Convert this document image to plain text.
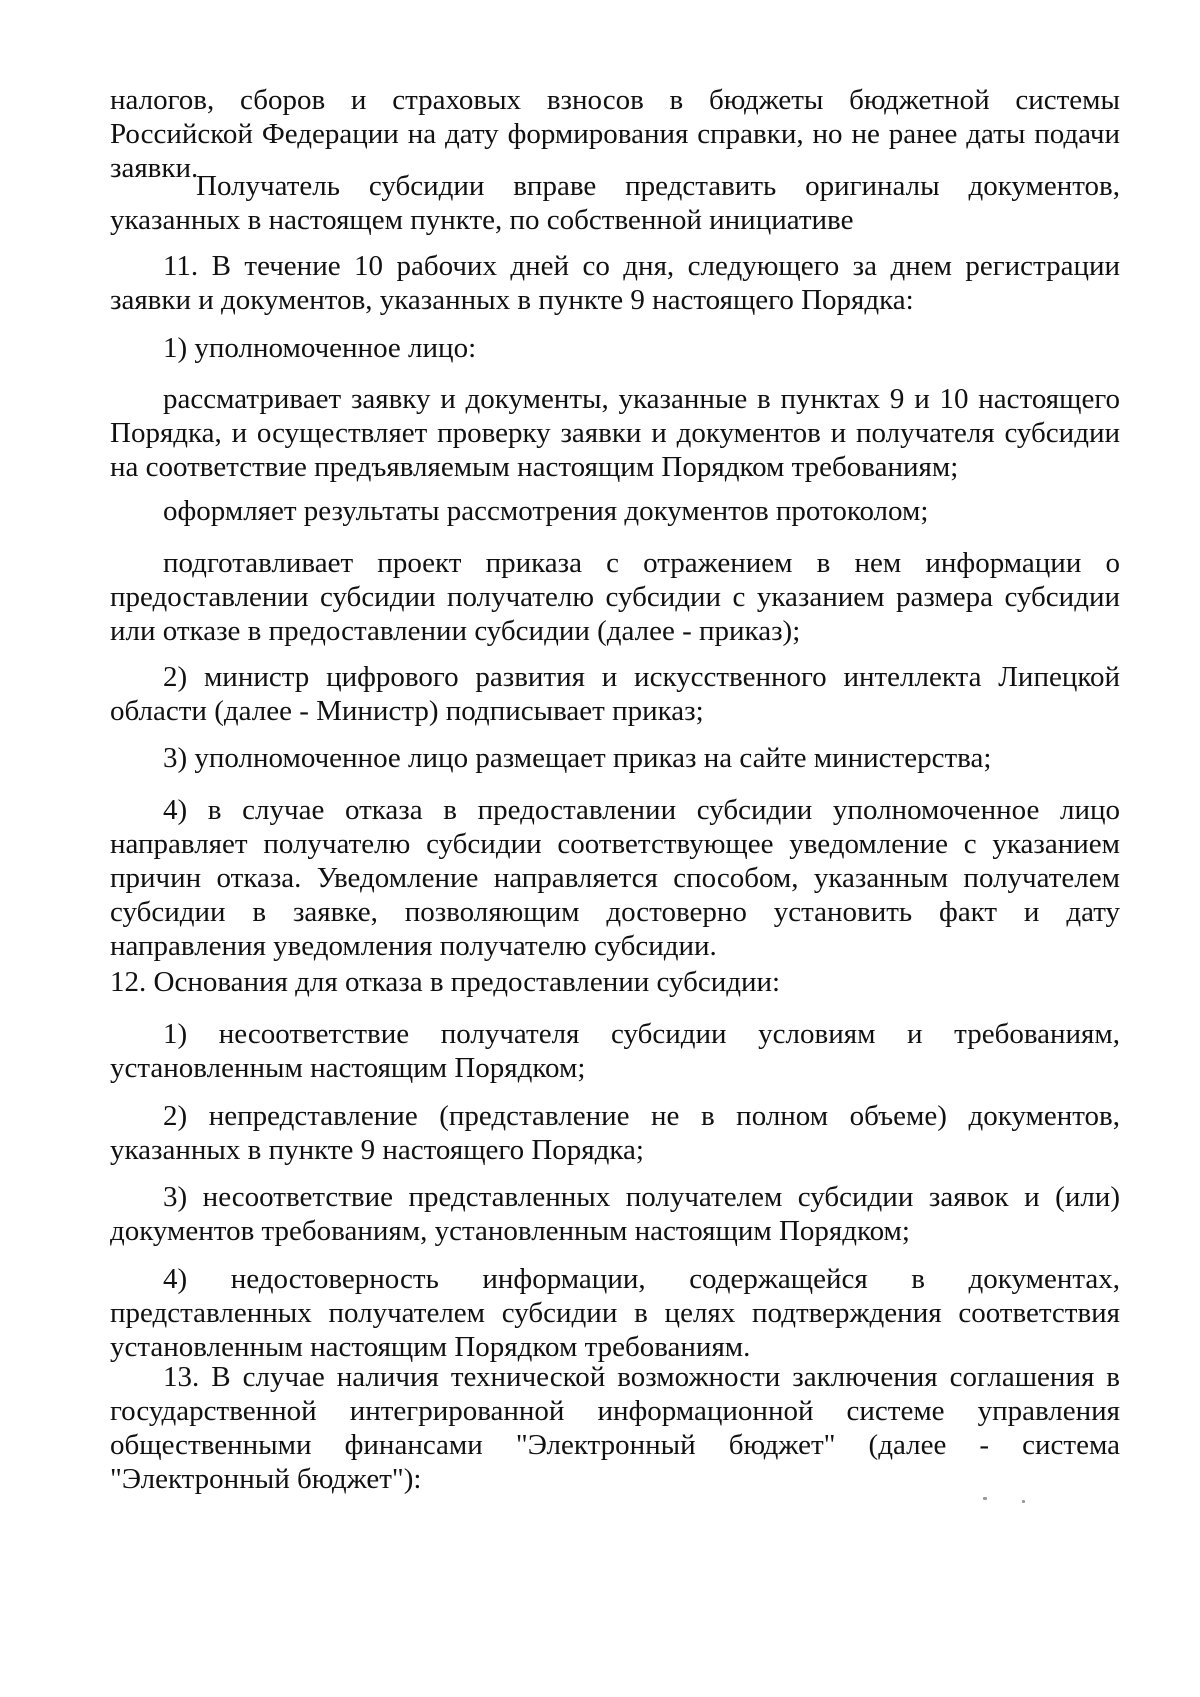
налогов, сборов и страховых взносов в бюджеты бюджетной системы Российской Федерации на дату формирования справки, но не ранее даты подачи заявки.

Получатель субсидии вправе представить оригиналы документов, указанных в настоящем пункте, по собственной инициативе

11. В течение 10 рабочих дней со дня, следующего за днем регистрации заявки и документов, указанных в пункте 9 настоящего Порядка:

1) уполномоченное лицо:

рассматривает заявку и документы, указанные в пунктах 9 и 10 настоящего Порядка, и осуществляет проверку заявки и документов и получателя субсидии на соответствие предъявляемым настоящим Порядком требованиям;

оформляет результаты рассмотрения документов протоколом;

подготавливает проект приказа с отражением в нем информации о предоставлении субсидии получателю субсидии с указанием размера субсидии или отказе в предоставлении субсидии (далее - приказ);

2) министр цифрового развития и искусственного интеллекта Липецкой области (далее - Министр) подписывает приказ;

3) уполномоченное лицо размещает приказ на сайте министерства;

4) в случае отказа в предоставлении субсидии уполномоченное лицо направляет получателю субсидии соответствующее уведомление с указанием причин отказа. Уведомление направляется способом, указанным получателем субсидии в заявке, позволяющим достоверно установить факт и дату направления уведомления получателю субсидии.

12. Основания для отказа в предоставлении субсидии:

1) несоответствие получателя субсидии условиям и требованиям, установленным настоящим Порядком;

2) непредставление (представление не в полном объеме) документов, указанных в пункте 9 настоящего Порядка;

3) несоответствие представленных получателем субсидии заявок и (или) документов требованиям, установленным настоящим Порядком;

4) недостоверность информации, содержащейся в документах, представленных получателем субсидии в целях подтверждения соответствия установленным настоящим Порядком требованиям.

13. В случае наличия технической возможности заключения соглашения в государственной интегрированной информационной системе управления общественными финансами "Электронный бюджет" (далее - система "Электронный бюджет"):
